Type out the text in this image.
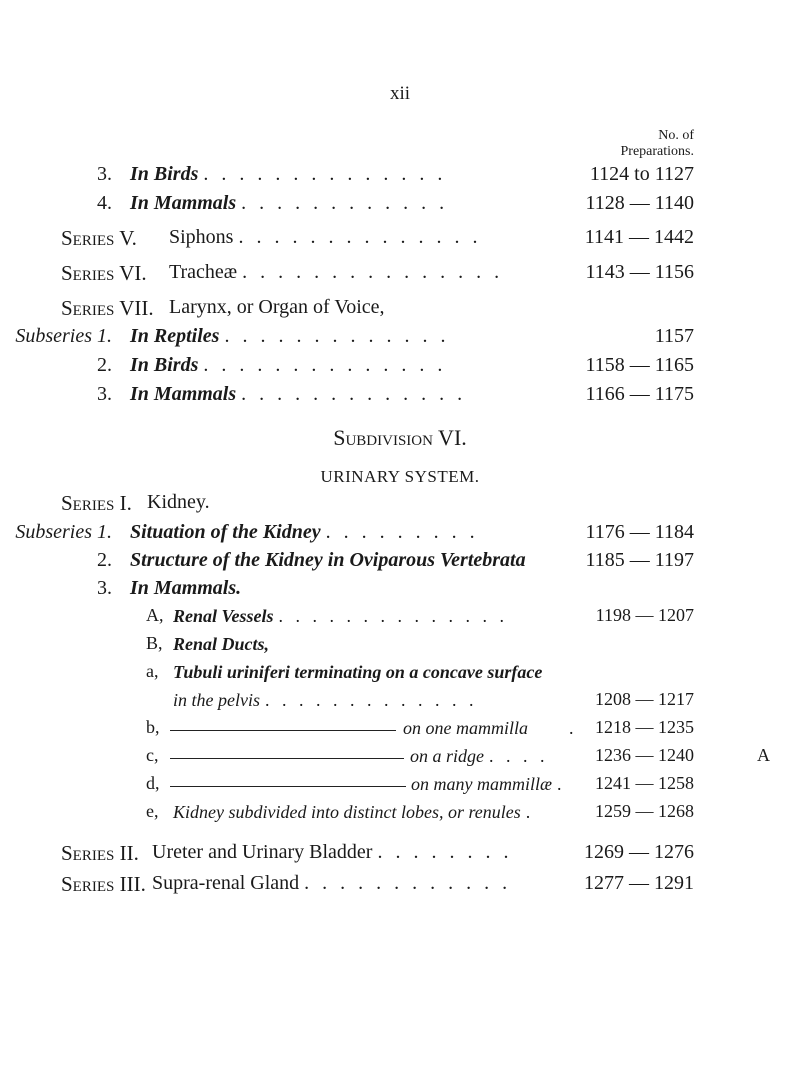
xii
No. of
Preparations.
3. In Birds . . . . . . . . . . . . . .	1124 to 1127
4. In Mammals . . . . . . . . . . . .	1128 — 1140
Series V. Siphons . . . . . . . . . . . . . .	1141 — 1442
Series VI. Tracheæ . . . . . . . . . . . . . . .	1143 — 1156
Series VII. Larynx, or Organ of Voice,
Subseries 1. In Reptiles . . . . . . . . . . . . .	1157
2. In Birds . . . . . . . . . . . . . .	1158 — 1165
3. In Mammals . . . . . . . . . . . . .	1166 — 1175
Subdivision VI.
URINARY SYSTEM.
Series I. Kidney.
Subseries 1. Situation of the Kidney . . . . . . . . .	1176 — 1184
2. Structure of the Kidney in Oviparous Vertebrata	1185 — 1197
3. In Mammals.
A, Renal Vessels . . . . . . . . . . . . . .	1198 — 1207
B, Renal Ducts,
a, Tubuli uriniferi terminating on a concave surface
in the pelvis . . . . . . . . . . . . .	1208 — 1217
b,	on one mammilla . 1218 — 1235
c,	on a ridge . . . .	1236 — 1240	A
d,	on many mammillæ . 1241 — 1258
e, Kidney subdivided into distinct lobes, or renules .	1259 — 1268
Series II. Ureter and Urinary Bladder . . . . . . . .	1269 — 1276
Series III. Supra-renal Gland . . . . . . . . . . . .	1277 — 1291
